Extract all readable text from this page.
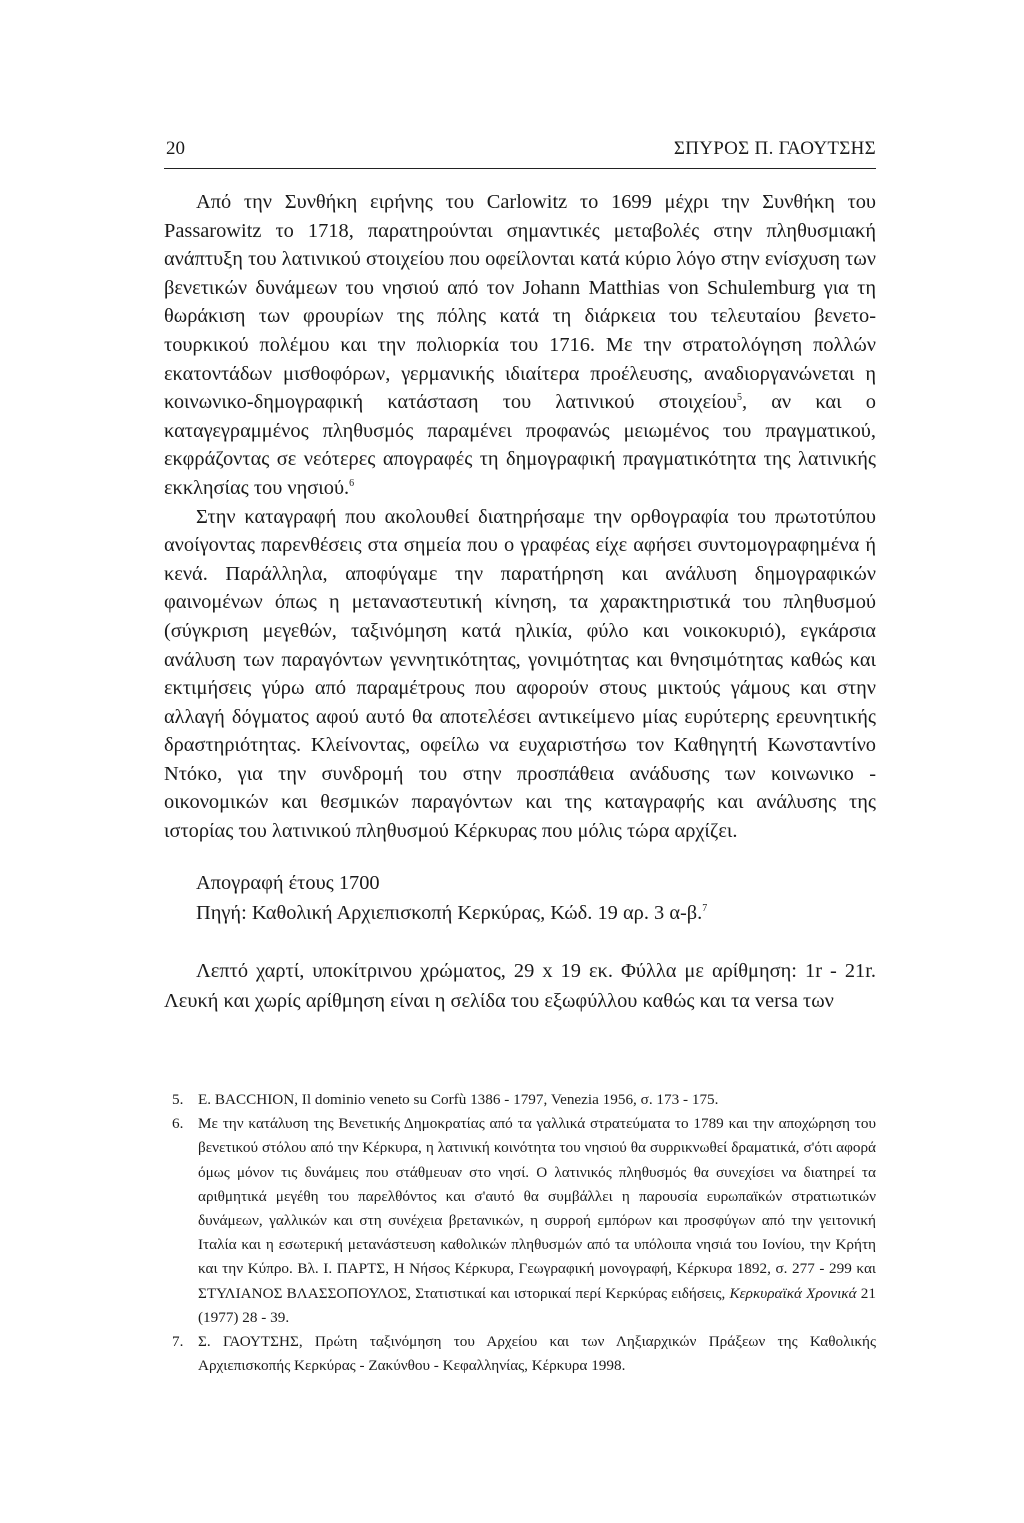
20	ΣΠΥΡΟΣ Π. ΓΑΟΥΤΣΗΣ

Από την Συνθήκη ειρήνης του Carlowitz το 1699 μέχρι την Συνθήκη του Passarowitz το 1718, παρατηρούνται σημαντικές μεταβολές στην πληθυσμιακή ανάπτυξη του λατινικού στοιχείου που οφείλονται κατά κύριο λόγο στην ενίσχυση των βενετικών δυνάμεων του νησιού από τον Johann Matthias von Schulemburg για τη θωράκιση των φρουρίων της πόλης κατά τη διάρκεια του τελευταίου βενετο-τουρκικού πολέμου και την πολιορκία του 1716. Με την στρατολόγηση πολλών εκατοντάδων μισθοφόρων, γερμανικής ιδιαίτερα προέλευσης, αναδιοργανώνεται η κοινωνικο-δημογραφική κατάσταση του λατινικού στοιχείου$^5$, αν και ο καταγεγραμμένος πληθυσμός παραμένει προφανώς μειωμένος του πραγματικού, εκφράζοντας σε νεότερες απογραφές τη δημογραφική πραγματικότητα της λατινικής εκκλησίας του νησιού.$^6$

Στην καταγραφή που ακολουθεί διατηρήσαμε την ορθογραφία του πρωτοτύπου ανοίγοντας παρενθέσεις στα σημεία που ο γραφέας είχε αφήσει συντομογραφημένα ή κενά. Παράλληλα, αποφύγαμε την παρατήρηση και ανάλυση δημογραφικών φαινομένων όπως η μεταναστευτική κίνηση, τα χαρακτηριστικά του πληθυσμού (σύγκριση μεγεθών, ταξινόμηση κατά ηλικία, φύλο και νοικοκυριό), εγκάρσια ανάλυση των παραγόντων γεννητικότητας, γονιμότητας και θνησιμότητας καθώς και εκτιμήσεις γύρω από παραμέτρους που αφορούν στους μικτούς γάμους και στην αλλαγή δόγματος αφού αυτό θα αποτελέσει αντικείμενο μίας ευρύτερης ερευνητικής δραστηριότητας. Κλείνοντας, οφείλω να ευχαριστήσω τον Καθηγητή Κωνσταντίνο Ντόκο, για την συνδρομή του στην προσπάθεια ανάδυσης των κοινωνικο - οικονομικών και θεσμικών παραγόντων και της καταγραφής και ανάλυσης της ιστορίας του λατινικού πληθυσμού Κέρκυρας που μόλις τώρα αρχίζει.

Απογραφή έτους 1700
Πηγή: Καθολική Αρχιεπισκοπή Κερκύρας, Κώδ. 19 αρ. 3 α-β.$^7$

Λεπτό χαρτί, υποκίτρινου χρώματος, 29 x 19 εκ. Φύλλα με αρίθμηση: 1r - 21r. Λευκή και χωρίς αρίθμηση είναι η σελίδα του εξωφύλλου καθώς και τα versa των

5. E. BACCHION, Il dominio veneto su Corfù 1386 - 1797, Venezia 1956, σ. 173 - 175.
6. Με την κατάλυση της Βενετικής Δημοκρατίας από τα γαλλικά στρατεύματα το 1789 και την αποχώρηση του βενετικού στόλου από την Κέρκυρα, η λατινική κοινότητα του νησιού θα συρρικνωθεί δραματικά, σ'ότι αφορά όμως μόνον τις δυνάμεις που στάθμευαν στο νησί. Ο λατινικός πληθυσμός θα συνεχίσει να διατηρεί τα αριθμητικά μεγέθη του παρελθόντος και σ'αυτό θα συμβάλλει η παρουσία ευρωπαϊκών στρατιωτικών δυνάμεων, γαλλικών και στη συνέχεια βρετανικών, η συρροή εμπόρων και προσφύγων από την γειτονική Ιταλία και η εσωτερική μετανάστευση καθολικών πληθυσμών από τα υπόλοιπα νησιά του Ιονίου, την Κρήτη και την Κύπρο. Βλ. Ι. ΠΑΡΤΣ, Η Νήσος Κέρκυρα, Γεωγραφική μονογραφή, Κέρκυρα 1892, σ. 277 - 299 και ΣΤΥΛΙΑΝΟΣ ΒΛΑΣΣΟΠΟΥΛΟΣ, Στατιστικαί και ιστορικαί περί Κερκύρας ειδήσεις, Κερκυραϊκά Χρονικά 21 (1977) 28 - 39.
7. Σ. ΓΑΟΥΤΣΗΣ, Πρώτη ταξινόμηση του Αρχείου και των Ληξιαρχικών Πράξεων της Καθολικής Αρχιεπισκοπής Κερκύρας - Ζακύνθου - Κεφαλληνίας, Κέρκυρα 1998.
